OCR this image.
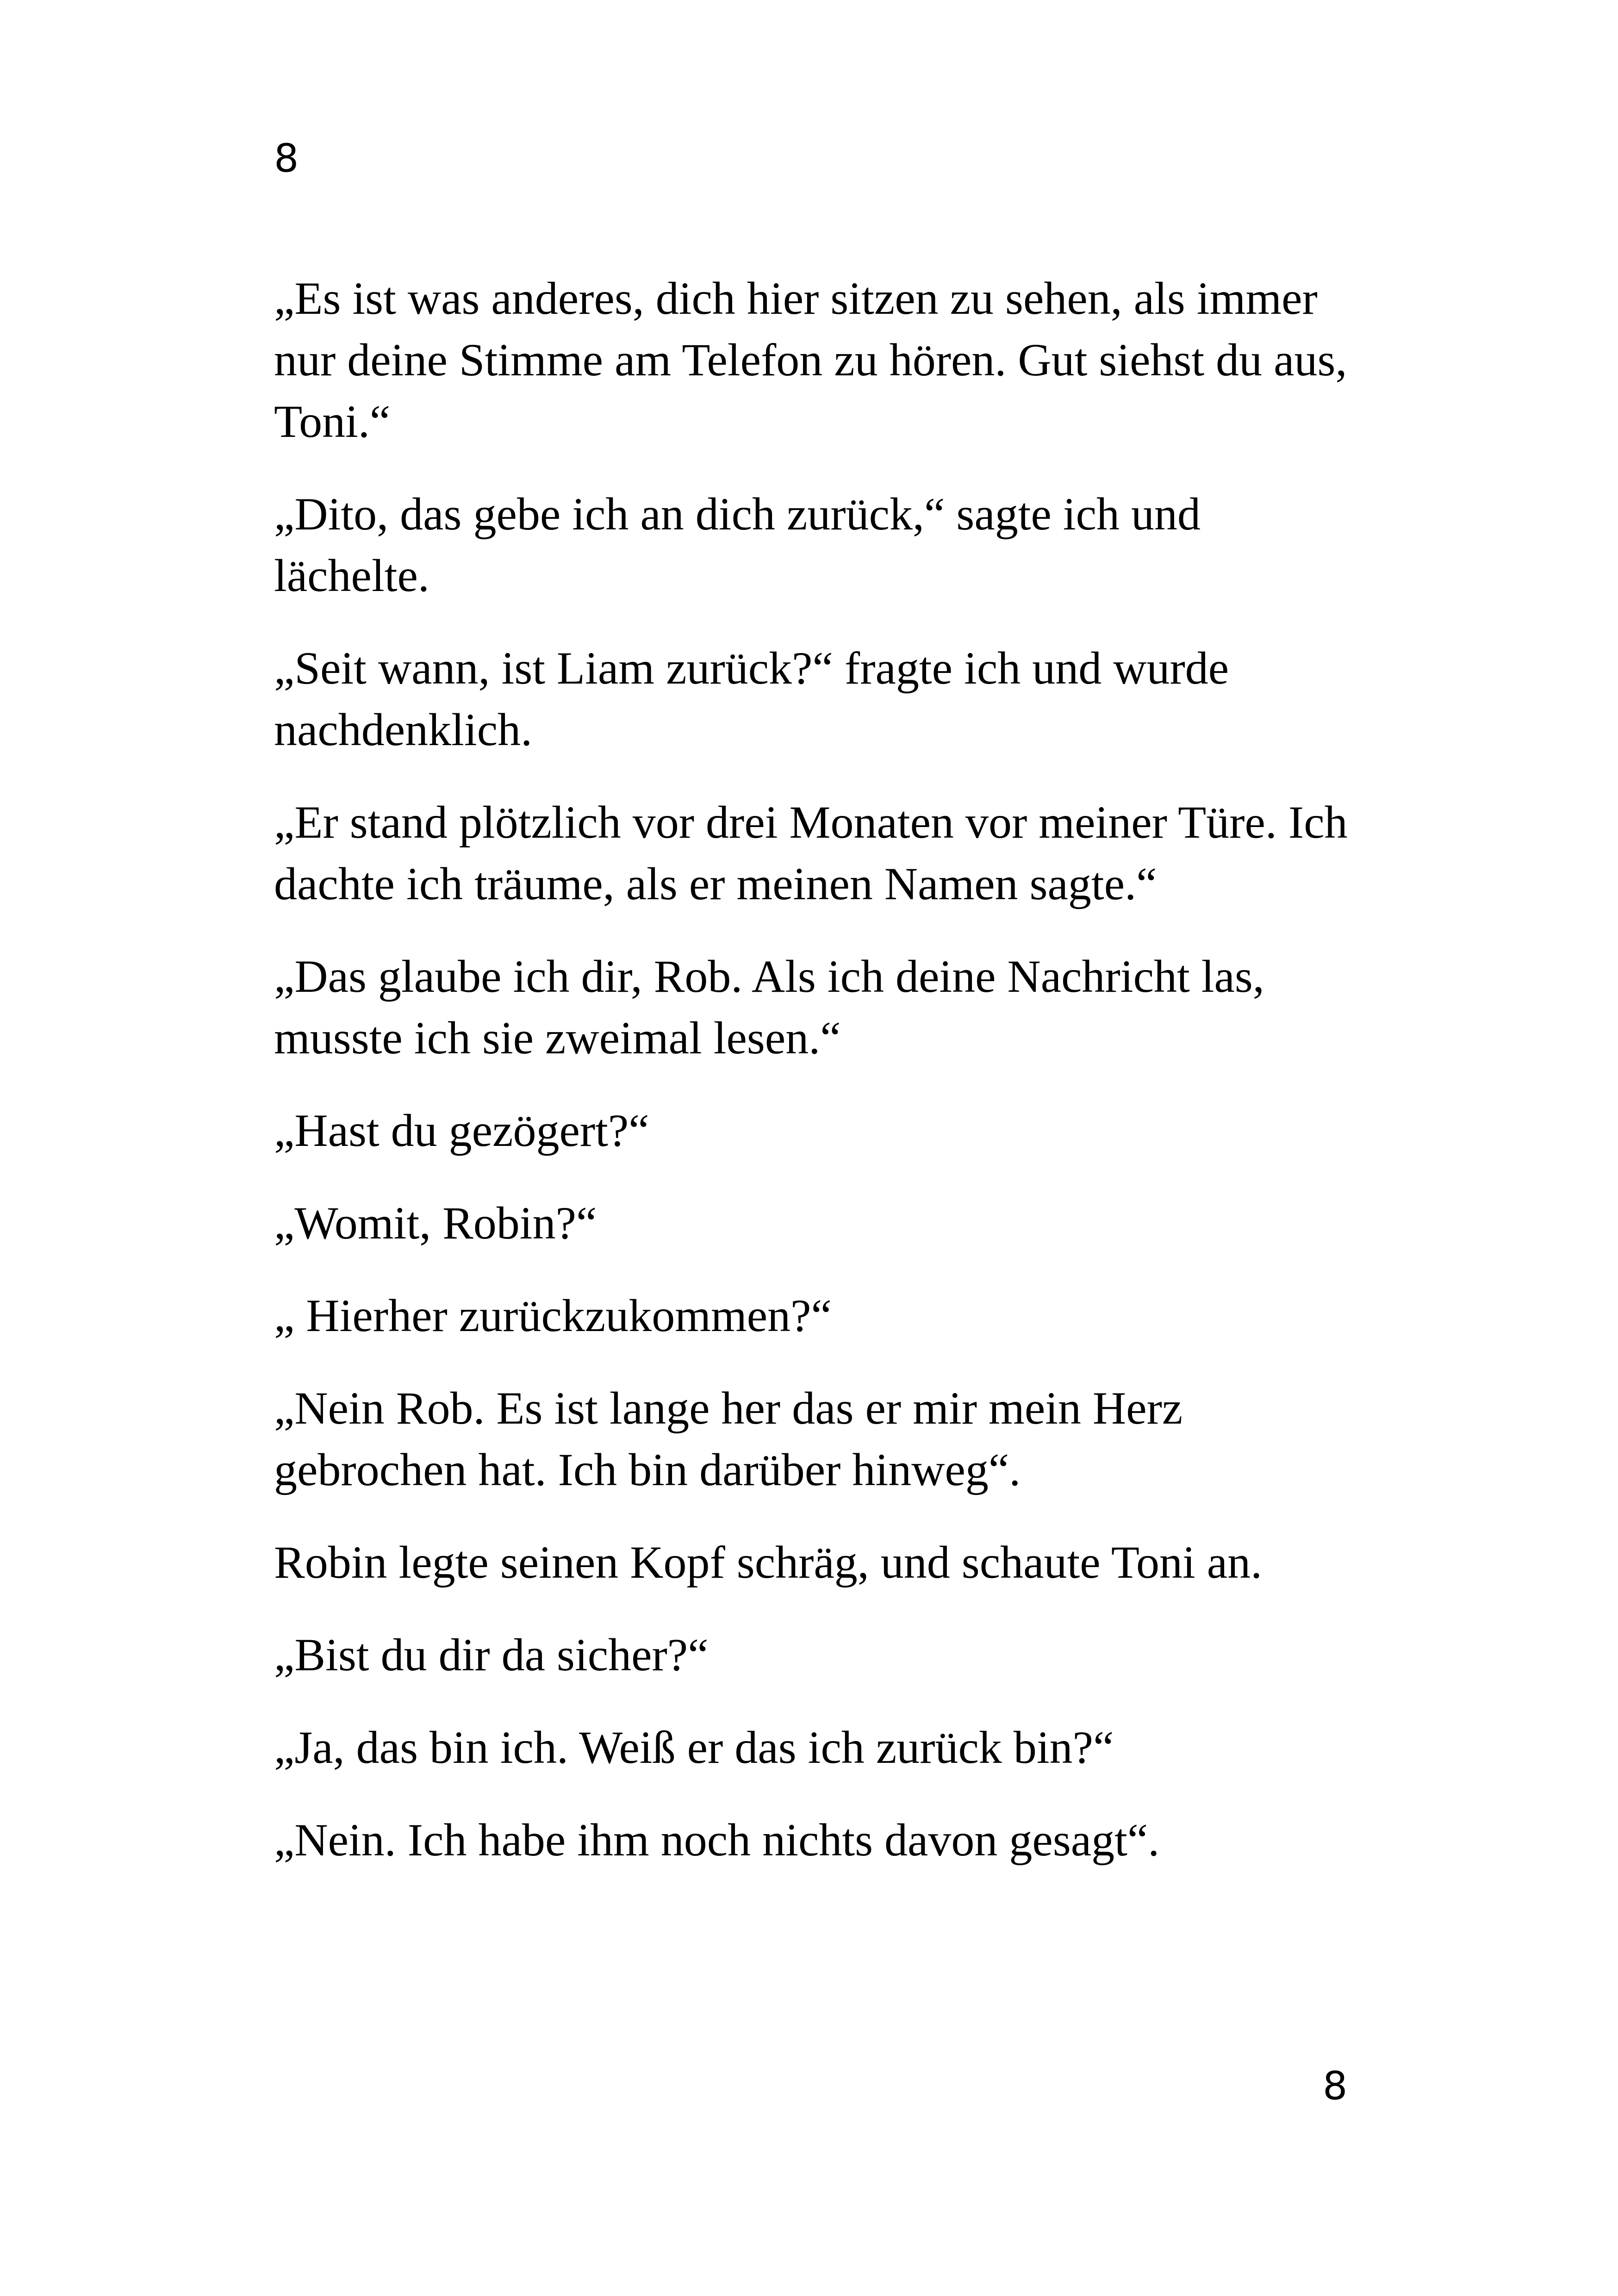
8

„Es ist was anderes, dich hier sitzen zu sehen, als immer nur deine Stimme am Telefon zu hören. Gut siehst du aus, Toni.“

„Dito, das gebe ich an dich zurück,“ sagte ich und lächelte.

„Seit wann, ist Liam zurück?“ fragte ich und wurde nachdenklich.

„Er stand plötzlich vor drei Monaten vor meiner Türe. Ich dachte ich träume, als er meinen Namen sagte.“

„Das glaube ich dir, Rob. Als ich deine Nachricht las, musste ich sie zweimal lesen.“

„Hast du gezögert?“

„Womit, Robin?“

„ Hierher zurückzukommen?“

„Nein Rob. Es ist lange her das er mir mein Herz gebrochen hat. Ich bin darüber hinweg“.

Robin legte seinen Kopf schräg, und schaute Toni an.

„Bist du dir da sicher?“

„Ja, das bin ich. Weiß er das ich zurück bin?“

„Nein. Ich habe ihm noch nichts davon gesagt“.

8
